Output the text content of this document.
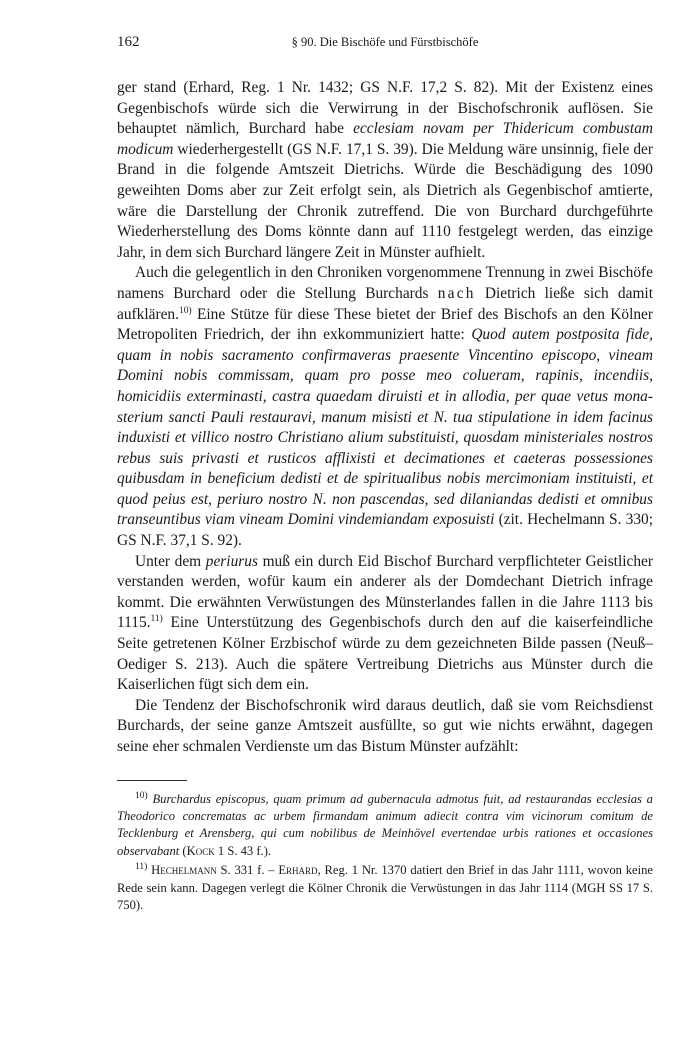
162	§ 90. Die Bischöfe und Fürstbischöfe

ger stand (Erhard, Reg. 1 Nr. 1432; GS N.F. 17,2 S. 82). Mit der Existenz eines Gegenbischofs würde sich die Verwirrung in der Bischofschronik auflösen. Sie behauptet nämlich, Burchard habe ecclesiam novam per Thidericum combustam modicum wiederhergestellt (GS N.F. 17,1 S. 39). Die Meldung wäre unsinnig, fiele der Brand in die folgende Amtszeit Dietrichs. Würde die Beschädigung des 1090 geweihten Doms aber zur Zeit erfolgt sein, als Dietrich als Gegenbischof amtierte, wäre die Darstellung der Chronik zutreffend. Die von Burchard durchgeführte Wiederherstellung des Doms könnte dann auf 1110 festgelegt werden, das einzige Jahr, in dem sich Burchard längere Zeit in Münster aufhielt.

Auch die gelegentlich in den Chroniken vorgenommene Trennung in zwei Bischöfe namens Burchard oder die Stellung Burchards nach Dietrich ließe sich damit aufklären.$^{10)}$ Eine Stütze für diese These bietet der Brief des Bischofs an den Kölner Metropoliten Friedrich, der ihn exkommuniziert hatte: Quod autem postposita fide, quam in nobis sacramento confirmaveras praesente Vincentino episcopo, vineam Domini nobis commissam, quam pro posse meo colueram, rapinis, incendiis, homicidiis exterminasti, castra quaedam diruisti et in allodia, per quae vetus monasterium sancti Pauli restauravi, manum misisti et N. tua stipulatione in idem facinus induxisti et villico nostro Christiano alium substituisti, quosdam ministeriales nostros rebus suis privasti et rusticos afflixisti et decimationes et caeteras possessiones quibusdam in beneficium dedisti et de spiritualibus nobis mercimoniam instituisti, et quod peius est, periuro nostro N. non pascendas, sed dilaniandas dedisti et omnibus transeuntibus viam vineam Domini vindemiandam exposuisti (zit. Hechelmann S. 330; GS N.F. 37,1 S. 92).

Unter dem periurus muß ein durch Eid Bischof Burchard verpflichteter Geistlicher verstanden werden, wofür kaum ein anderer als der Domdechant Dietrich infrage kommt. Die erwähnten Verwüstungen des Münsterlandes fallen in die Jahre 1113 bis 1115.$^{11)}$ Eine Unterstützung des Gegenbischofs durch den auf die kaiserfeindliche Seite getretenen Kölner Erzbischof würde zu dem gezeichneten Bilde passen (Neuß–Oediger S. 213). Auch die spätere Vertreibung Dietrichs aus Münster durch die Kaiserlichen fügt sich dem ein.

Die Tendenz der Bischofschronik wird daraus deutlich, daß sie vom Reichsdienst Burchards, der seine ganze Amtszeit ausfüllte, so gut wie nichts erwähnt, dagegen seine eher schmalen Verdienste um das Bistum Münster aufzählt:

$^{10)}$ Burchardus episcopus, quam primum ad gubernacula admotus fuit, ad restaurandas ecclesias a Theodorico concrematas ac urbem firmandam animum adiecit contra vim vicinorum comitum de Tecklenburg et Arensberg, qui cum nobilibus de Meinhövel evertendae urbis rationes et occasiones observabant (Kock 1 S. 43 f.).

$^{11)}$ Hechelmann S. 331 f. – Erhard, Reg. 1 Nr. 1370 datiert den Brief in das Jahr 1111, wovon keine Rede sein kann. Dagegen verlegt die Kölner Chronik die Verwüstungen in das Jahr 1114 (MGH SS 17 S. 750).
